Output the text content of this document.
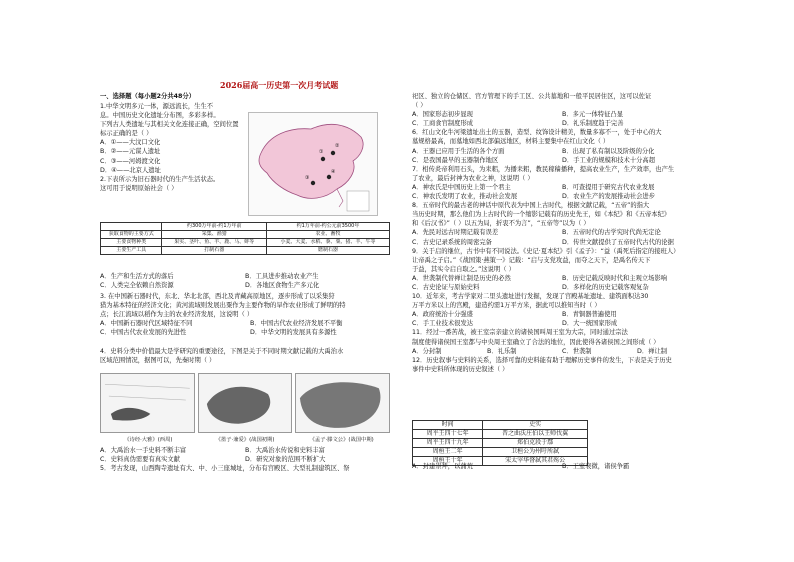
2026届高一历史第一次月考试题
一、选择题（每小题2分共48分）

1.中华文明多元一体，源远流长，生生不

息。中国历史文化遗址分布图，多彩多样。

下列古人类遗址与其相关文化连接正确，空间位置

标示正确的是（ ）

A．①——大汶口文化

B．②——元谋人遗址

C．③——河姆渡文化

D．④——北京人遗址

①
②
③
④

2.下表所示为旧石器时代的生产生活状态。

这可用于说明原始社会（ ）

	约300万年前-约1万年前	约1万年前-约公元前3500年
获取食物的主要方式	采集、渔猎	农业、畜牧
主要食物种类	果实、茎叶、鱼、羊、鹿、马、蚌等	小麦、大麦、水稻、黍、粟、猪、羊、牛等
主要生产工具	打制石器	磨制石器
A．生产和生活方式的落后	B．工具进步推动农业产生
C．人类完全依赖自然资源	D．各地区食物生产多元化

3. 在中国新石器时代，东北、华北北部，西北及青藏高原地区，逐步形成了以采集狩

猎为基本特征的经济文化；黄河流域则发展出粟作为主要作物的旱作农业形成了鲜明的特

点；长江流域以稻作为主的农业经济发展，这说明（ ）

A．中国新石器时代区域特征不同	B．中国古代农业经济发展不平衡
C．中国古代农业发展的先进性	D．中华文明的发展具有多源性

4．史料分类中价值最大是学研究的重要途径，下图是关于不同时期文献记载的大禹治水

区域范围情况，据图可以，先秦时期（ ）

《诗经·大雅》(西周)	《墨子·兼爱》(战国初期)	《孟子·滕文公》(战国中期)
A．大禹治水一手史料不断丰富	B．大禹治水传说和史料丰富
C．史料真伪需要有真实文献	D．研究对象的范围不断扩大

5．考古发现，山西陶寺遗址有大、中、小三座城址，分布有宫殿区、大型礼制建筑区、祭

祀区、独立的仓储区、官方管理下的手工区、公共墓地和一般平民居住区，这可以佐证

（ ）

A．国家形态初步显现	B．多元一体特征凸显
C．工商食官制度形成	D．礼乐制度趋于完善

6．红山文化牛河梁遗址出土的玉器，造型、纹饰设计精美，数量多寡不一，处于中心的大

墓规格最高，而墓地如西北部偏远地区，材料主要集中在红山文化（ ）

A．王器已应用于生活的各个方面	B．出现了私有制以及阶级的分化
C．是我国最早的玉器制作地区	D．手工业的规模和技术十分高超

7．相传炎帝利用石头，为耒耜，为播耒耜，教民稼穑播种，提高农业生产，生产效率，也产生

了农业，最后封神为农业之神，这说明（ ）

A．神农氏是中国历史上第一个君主	B．可查提用于研究古代农业发展
C．神农氏发明了农业，推动社会发展	D．农业生产的发展推动社会进步

8．五帝时代的最古老的神话中原代表为中国上古时代，根据文献记载，“五帝”的指大

当历史时期，那么他们为上古时代的一个缩影记载有的历史先王，如《本纪》和《五帝本纪》

和《后汉书》”（ ）以五为局，折衷不为言”，“五帝等”以为（ ）

A．先民对远古时期记载有误差	B．五帝时代的古学究时代尚无定论
C．古史记录系统的周密完备	D．传世文献提供了五帝时代古代的论据

9．关于启的继位，古书中有不同说法。《史记·夏本纪》引《孟子》：“益（禹死后指定的接班人）

让帝禹之子启。”《战国策·燕策一》记载：“启与支党攻益，而夺之天下，是禹名传天下

于益，其实令启自取之。”这说明（ ）

A．世袭制代替禅让制是历史的必然	B．历史记载反映时代和主观立场影响
C．古史论证与原始史料	D．多样化的历史记载客观复杂

10．近年来，考古学家对二里头遗址进行发掘，发现了宫殿基址遗址、建筑面积达30

万平方米以上的宫殿，建造约需1万平方米，据此可以推知当时（ ）

A．政府统治十分强盛	B．青铜器普遍使用
C．手工业技术很发达	D．大一统国家形成

11．经过一番苦战，被王室宗亲建立的诸侯国叫周王室为大宗，同时通过宗法

制度使得诸侯国王室都与中央周王室确立了合法的地位，因此使得各诸侯国之间形成（ ）

A．分封制	B．礼乐制	C．世袭制	D．禅让制

12．历史叙事与史料的关系，选择可靠的史料能有助于理解历史事件的发生，下表是关于历史

事件中史料所体现的历史叙述（ ）

时间	史实
周平王四十七年	晋之曲沃庄伯以王师伐翼
周平王四十九年	郑伯克段于鄢
周桓王二年	卫桓公为州吁所弑
周桓王十年	宋太宰华督弑其君殇公
A．封建崇拜，以蒲荒	B．王室衰微，诸侯争霸
